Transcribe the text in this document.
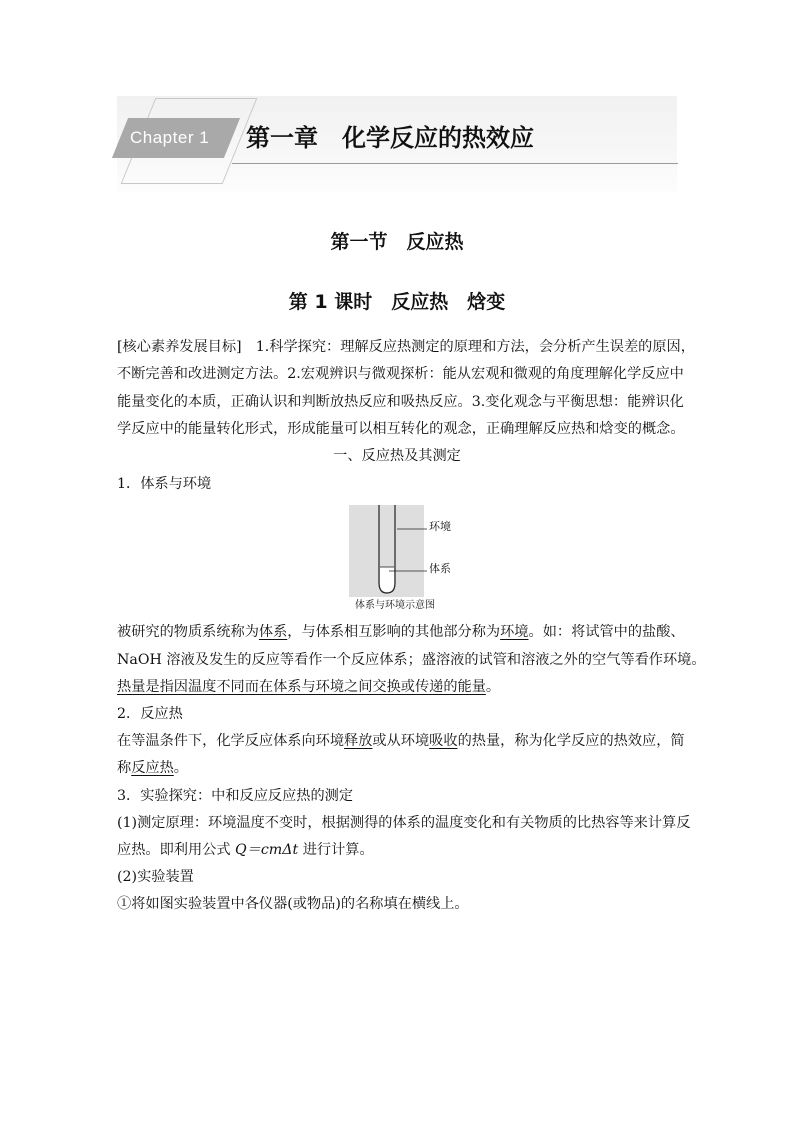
Chapter 1	第一章　化学反应的热效应
第一节　反应热
第 1 课时　反应热　焓变
[核心素养发展目标]　1.科学探究：理解反应热测定的原理和方法，会分析产生误差的原因，
不断完善和改进测定方法。2.宏观辨识与微观探析：能从宏观和微观的角度理解化学反应中
能量变化的本质，正确认识和判断放热反应和吸热反应。3.变化观念与平衡思想：能辨识化
学反应中的能量转化形式，形成能量可以相互转化的观念，正确理解反应热和焓变的概念。
一、反应热及其测定
1．体系与环境
环境
体系
体系与环境示意图
被研究的物质系统称为体系，与体系相互影响的其他部分称为环境。如：将试管中的盐酸、
NaOH 溶液及发生的反应等看作一个反应体系；盛溶液的试管和溶液之外的空气等看作环境。
热量是指因温度不同而在体系与环境之间交换或传递的能量。
2．反应热
在等温条件下，化学反应体系向环境释放或从环境吸收的热量，称为化学反应的热效应，简
称反应热。
3．实验探究：中和反应反应热的测定
(1)测定原理：环境温度不变时，根据测得的体系的温度变化和有关物质的比热容等来计算反
应热。即利用公式 Q＝cmΔt 进行计算。
(2)实验装置
①将如图实验装置中各仪器(或物品)的名称填在横线上。
